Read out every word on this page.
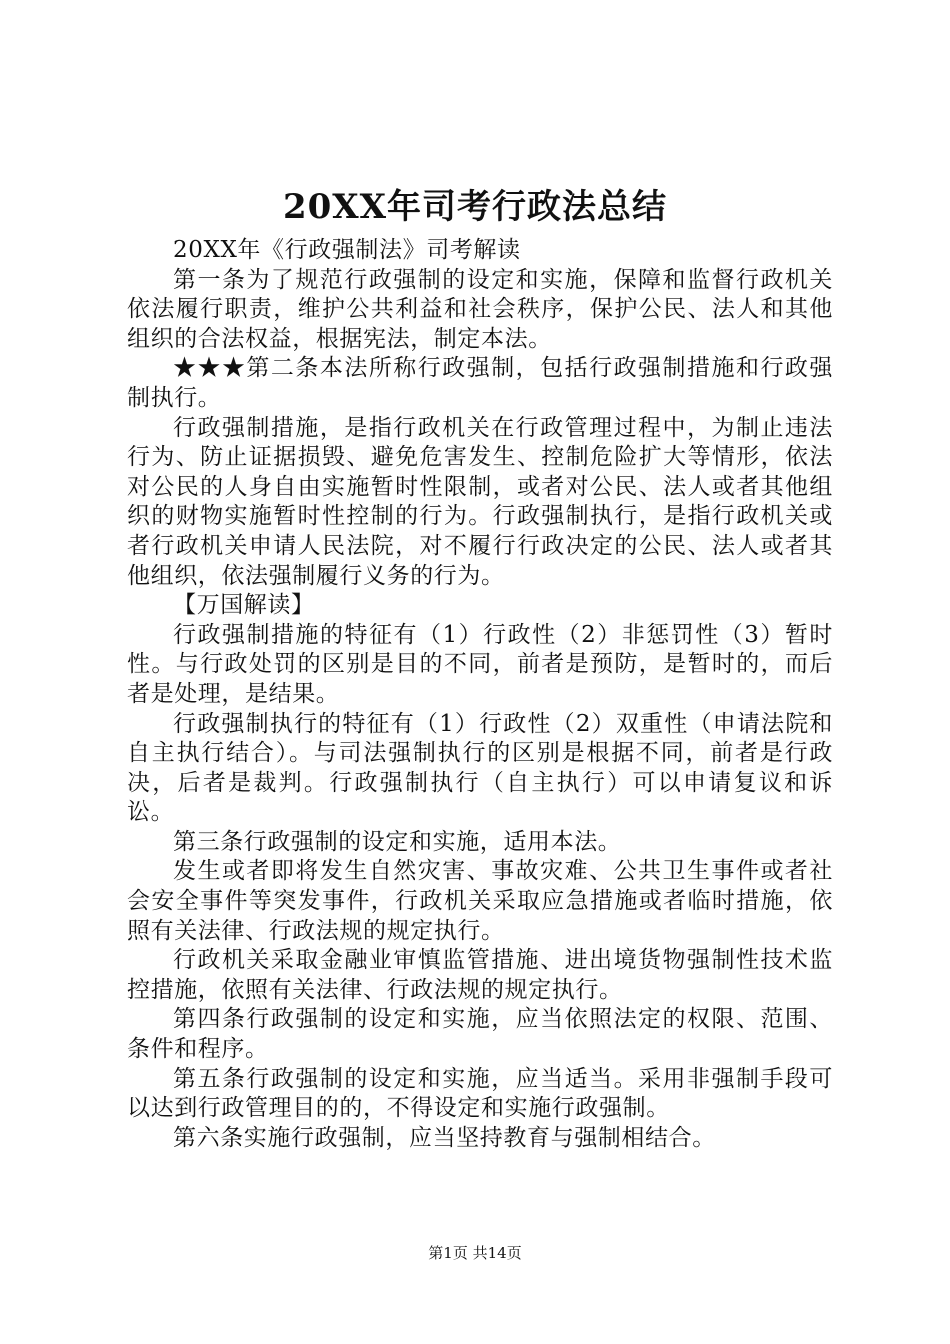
20XX年司考行政法总结

20XX年《行政强制法》司考解读

第一条为了规范行政强制的设定和实施，保障和监督行政机关依法履行职责，维护公共利益和社会秩序，保护公民、法人和其他组织的合法权益，根据宪法，制定本法。

★★★第二条本法所称行政强制，包括行政强制措施和行政强制执行。

行政强制措施，是指行政机关在行政管理过程中，为制止违法行为、防止证据损毁、避免危害发生、控制危险扩大等情形，依法对公民的人身自由实施暂时性限制，或者对公民、法人或者其他组织的财物实施暂时性控制的行为。行政强制执行，是指行政机关或者行政机关申请人民法院，对不履行行政决定的公民、法人或者其他组织，依法强制履行义务的行为。

【万国解读】

行政强制措施的特征有（1）行政性（2）非惩罚性（3）暂时性。与行政处罚的区别是目的不同，前者是预防，是暂时的，而后者是处理，是结果。

行政强制执行的特征有（1）行政性（2）双重性（申请法院和自主执行结合）。与司法强制执行的区别是根据不同，前者是行政决，后者是裁判。行政强制执行（自主执行）可以申请复议和诉讼。

第三条行政强制的设定和实施，适用本法。

发生或者即将发生自然灾害、事故灾难、公共卫生事件或者社会安全事件等突发事件，行政机关采取应急措施或者临时措施，依照有关法律、行政法规的规定执行。

行政机关采取金融业审慎监管措施、进出境货物强制性技术监控措施，依照有关法律、行政法规的规定执行。

第四条行政强制的设定和实施，应当依照法定的权限、范围、条件和程序。

第五条行政强制的设定和实施，应当适当。采用非强制手段可以达到行政管理目的的，不得设定和实施行政强制。

第六条实施行政强制，应当坚持教育与强制相结合。

第1页 共14页
